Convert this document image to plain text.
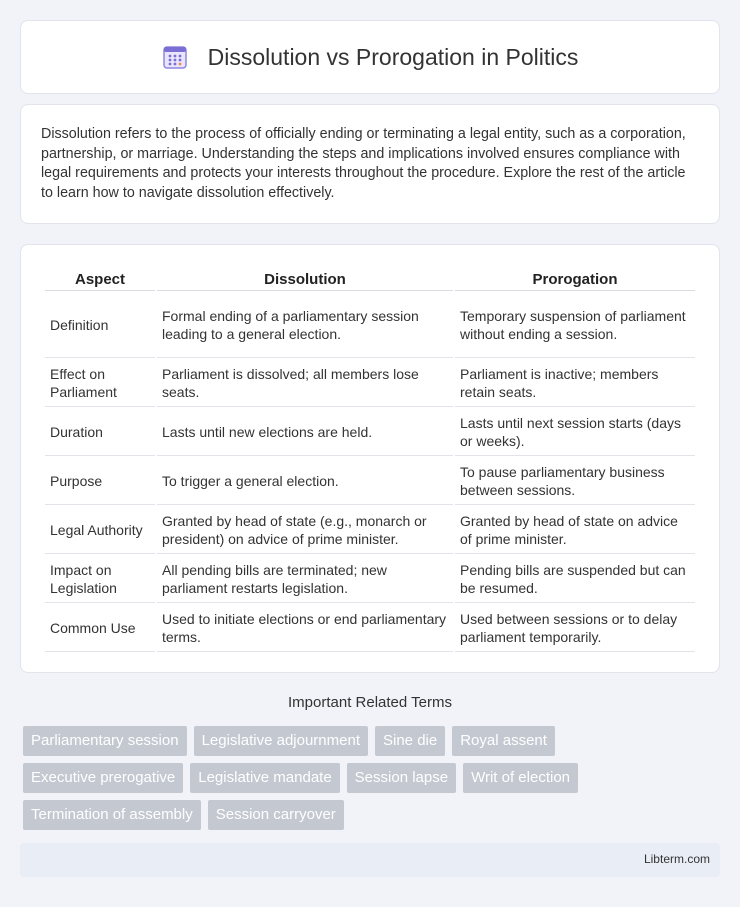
Dissolution vs Prorogation in Politics

Dissolution refers to the process of officially ending or terminating a legal entity, such as a corporation, partnership, or marriage. Understanding the steps and implications involved ensures compliance with legal requirements and protects your interests throughout the procedure. Explore the rest of the article to learn how to navigate dissolution effectively.

Aspect	Dissolution	Prorogation
Definition	Formal ending of a parliamentary session leading to a general election.	Temporary suspension of parliament without ending a session.
Effect on Parliament	Parliament is dissolved; all members lose seats.	Parliament is inactive; members retain seats.
Duration	Lasts until new elections are held.	Lasts until next session starts (days or weeks).
Purpose	To trigger a general election.	To pause parliamentary business between sessions.
Legal Authority	Granted by head of state (e.g., monarch or president) on advice of prime minister.	Granted by head of state on advice of prime minister.
Impact on Legislation	All pending bills are terminated; new parliament restarts legislation.	Pending bills are suspended but can be resumed.
Common Use	Used to initiate elections or end parliamentary terms.	Used between sessions or to delay parliament temporarily.
Important Related Terms
Parliamentary session	Legislative adjournment	Sine die	Royal assent
Executive prerogative	Legislative mandate	Session lapse	Writ of election
Termination of assembly	Session carryover
Libterm.com
